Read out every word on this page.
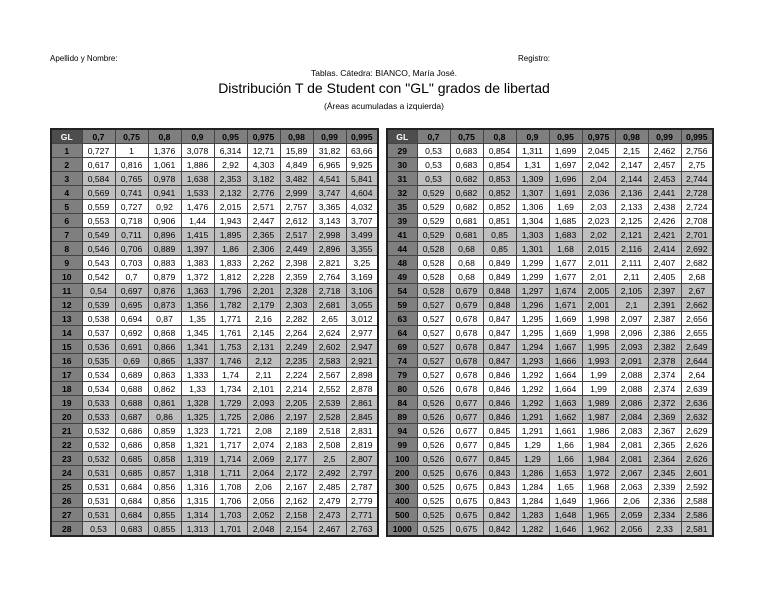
Apellido y Nombre:	Registro:
Tablas. Cátedra: BIANCO, María José.
Distribución T de Student con "GL" grados de libertad
(Áreas acumuladas a izquierda)
GL	0,7	0,75	0,8	0,9	0,95	0,975	0,98	0,99	0,995
1	0,727	1	1,376	3,078	6,314	12,71	15,89	31,82	63,66
2	0,617	0,816	1,061	1,886	2,92	4,303	4,849	6,965	9,925
3	0,584	0,765	0,978	1,638	2,353	3,182	3,482	4,541	5,841
4	0,569	0,741	0,941	1,533	2,132	2,776	2,999	3,747	4,604
5	0,559	0,727	0,92	1,476	2,015	2,571	2,757	3,365	4,032
6	0,553	0,718	0,906	1,44	1,943	2,447	2,612	3,143	3,707
7	0,549	0,711	0,896	1,415	1,895	2,365	2,517	2,998	3,499
8	0,546	0,706	0,889	1,397	1,86	2,306	2,449	2,896	3,355
9	0,543	0,703	0,883	1,383	1,833	2,262	2,398	2,821	3,25
10	0,542	0,7	0,879	1,372	1,812	2,228	2,359	2,764	3,169
11	0,54	0,697	0,876	1,363	1,796	2,201	2,328	2,718	3,106
12	0,539	0,695	0,873	1,356	1,782	2,179	2,303	2,681	3,055
13	0,538	0,694	0,87	1,35	1,771	2,16	2,282	2,65	3,012
14	0,537	0,692	0,868	1,345	1,761	2,145	2,264	2,624	2,977
15	0,536	0,691	0,866	1,341	1,753	2,131	2,249	2,602	2,947
16	0,535	0,69	0,865	1,337	1,746	2,12	2,235	2,583	2,921
17	0,534	0,689	0,863	1,333	1,74	2,11	2,224	2,567	2,898
18	0,534	0,688	0,862	1,33	1,734	2,101	2,214	2,552	2,878
19	0,533	0,688	0,861	1,328	1,729	2,093	2,205	2,539	2,861
20	0,533	0,687	0,86	1,325	1,725	2,086	2,197	2,528	2,845
21	0,532	0,686	0,859	1,323	1,721	2,08	2,189	2,518	2,831
22	0,532	0,686	0,858	1,321	1,717	2,074	2,183	2,508	2,819
23	0,532	0,685	0,858	1,319	1,714	2,069	2,177	2,5	2,807
24	0,531	0,685	0,857	1,318	1,711	2,064	2,172	2,492	2,797
25	0,531	0,684	0,856	1,316	1,708	2,06	2,167	2,485	2,787
26	0,531	0,684	0,856	1,315	1,706	2,056	2,162	2,479	2,779
27	0,531	0,684	0,855	1,314	1,703	2,052	2,158	2,473	2,771
28	0,53	0,683	0,855	1,313	1,701	2,048	2,154	2,467	2,763
GL	0,7	0,75	0,8	0,9	0,95	0,975	0,98	0,99	0,995
29	0,53	0,683	0,854	1,311	1,699	2,045	2,15	2,462	2,756
30	0,53	0,683	0,854	1,31	1,697	2,042	2,147	2,457	2,75
31	0,53	0,682	0,853	1,309	1,696	2,04	2,144	2,453	2,744
32	0,529	0,682	0,852	1,307	1,691	2,036	2,136	2,441	2,728
35	0,529	0,682	0,852	1,306	1,69	2,03	2,133	2,438	2,724
39	0,529	0,681	0,851	1,304	1,685	2,023	2,125	2,426	2,708
41	0,529	0,681	0,85	1,303	1,683	2,02	2,121	2,421	2,701
44	0,528	0,68	0,85	1,301	1,68	2,015	2,116	2,414	2,692
48	0,528	0,68	0,849	1,299	1,677	2,011	2,111	2,407	2,682
49	0,528	0,68	0,849	1,299	1,677	2,01	2,11	2,405	2,68
54	0,528	0,679	0,848	1,297	1,674	2,005	2,105	2,397	2,67
59	0,527	0,679	0,848	1,296	1,671	2,001	2,1	2,391	2,662
63	0,527	0,678	0,847	1,295	1,669	1,998	2,097	2,387	2,656
64	0,527	0,678	0,847	1,295	1,669	1,998	2,096	2,386	2,655
69	0,527	0,678	0,847	1,294	1,667	1,995	2,093	2,382	2,649
74	0,527	0,678	0,847	1,293	1,666	1,993	2,091	2,378	2,644
79	0,527	0,678	0,846	1,292	1,664	1,99	2,088	2,374	2,64
80	0,526	0,678	0,846	1,292	1,664	1,99	2,088	2,374	2,639
84	0,526	0,677	0,846	1,292	1,663	1,989	2,086	2,372	2,636
89	0,526	0,677	0,846	1,291	1,662	1,987	2,084	2,369	2,632
94	0,526	0,677	0,845	1,291	1,661	1,986	2,083	2,367	2,629
99	0,526	0,677	0,845	1,29	1,66	1,984	2,081	2,365	2,626
100	0,526	0,677	0,845	1,29	1,66	1,984	2,081	2,364	2,626
200	0,525	0,676	0,843	1,286	1,653	1,972	2,067	2,345	2,601
300	0,525	0,675	0,843	1,284	1,65	1,968	2,063	2,339	2,592
400	0,525	0,675	0,843	1,284	1,649	1,966	2,06	2,336	2,588
500	0,525	0,675	0,842	1,283	1,648	1,965	2,059	2,334	2,586
1000	0,525	0,675	0,842	1,282	1,646	1,962	2,056	2,33	2,581
